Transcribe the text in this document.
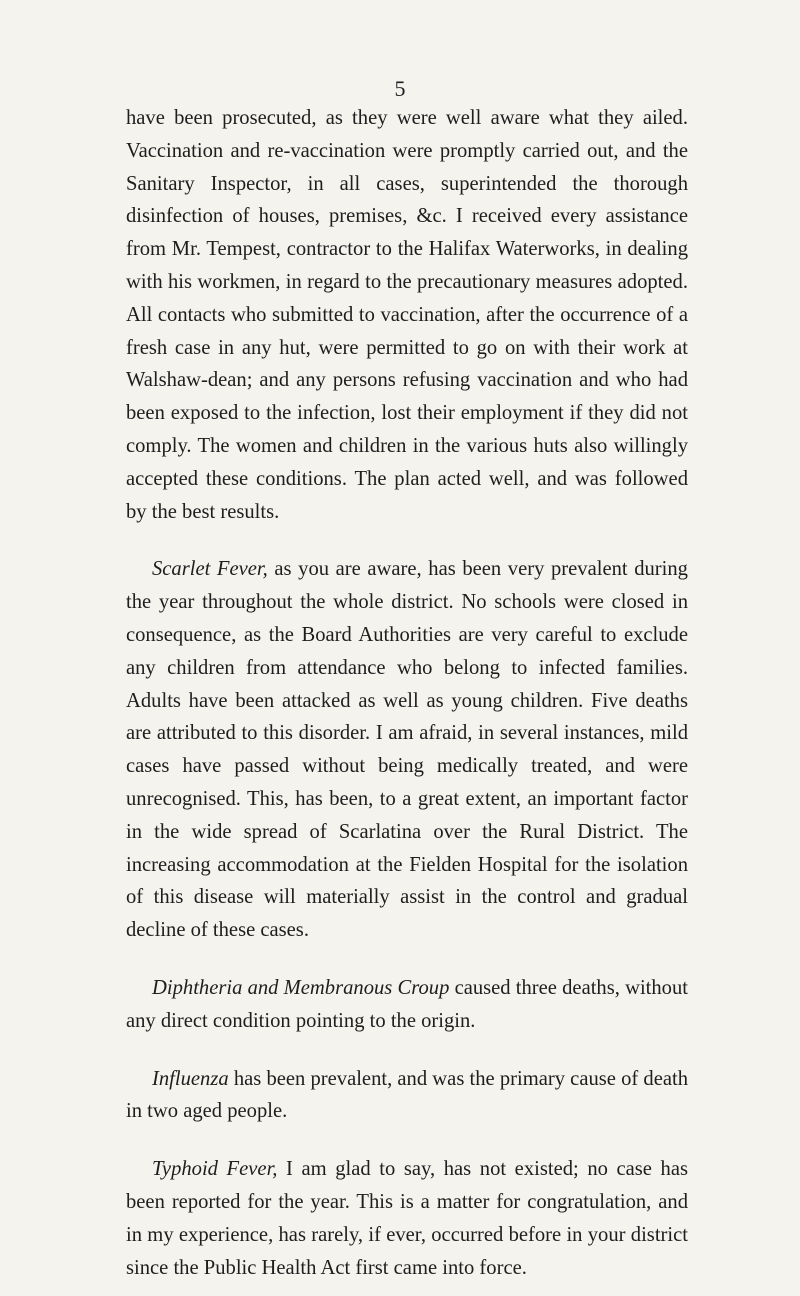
5

have been prosecuted, as they were well aware what they ailed. Vaccination and re-vaccination were promptly carried out, and the Sanitary Inspector, in all cases, superintended the thorough disinfection of houses, premises, &c. I received every assistance from Mr. Tempest, contractor to the Halifax Waterworks, in dealing with his workmen, in regard to the precautionary measures adopted. All contacts who submitted to vaccination, after the occurrence of a fresh case in any hut, were permitted to go on with their work at Walshaw-dean; and any persons refusing vaccination and who had been exposed to the infection, lost their employment if they did not comply. The women and children in the various huts also willingly accepted these conditions. The plan acted well, and was followed by the best results.

Scarlet Fever, as you are aware, has been very prevalent during the year throughout the whole district. No schools were closed in consequence, as the Board Authorities are very careful to exclude any children from attendance who belong to infected families. Adults have been attacked as well as young children. Five deaths are attributed to this disorder. I am afraid, in several instances, mild cases have passed without being medically treated, and were unrecognised. This, has been, to a great extent, an important factor in the wide spread of Scarlatina over the Rural District. The increasing accommodation at the Fielden Hospital for the isolation of this disease will materially assist in the control and gradual decline of these cases.

Diphtheria and Membranous Croup caused three deaths, without any direct condition pointing to the origin.

Influenza has been prevalent, and was the primary cause of death in two aged people.

Typhoid Fever, I am glad to say, has not existed; no case has been reported for the year. This is a matter for congratulation, and in my experience, has rarely, if ever, occurred before in your district since the Public Health Act first came into force.
